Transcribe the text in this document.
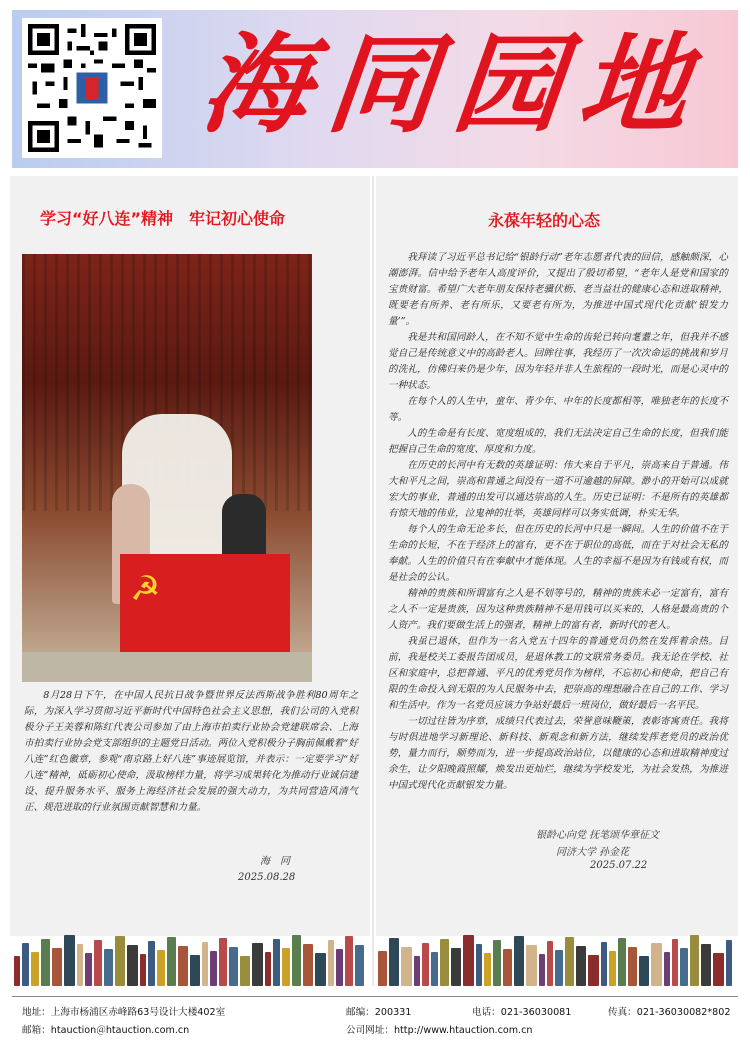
海同园地
学习“好八连”精神　牢记初心使命
☭

8月28日下午，在中国人民抗日战争暨世界反法西斯战争胜利80周年之际，为深入学习贯彻习近平新时代中国特色社会主义思想，我们公司的入党积极分子王美蓉和陈红代表公司参加了由上海市拍卖行业协会党建联席会、上海市拍卖行业协会党支部组织的主题党日活动。两位入党积极分子胸前佩戴着“好八连”红色徽章，参观“南京路上好八连”事迹展览馆，并表示：一定要学习“好八连”精神，砥砺初心使命，汲取榜样力量，将学习成果转化为推动行业诚信建设、提升服务水平、服务上海经济社会发展的强大动力，为共同营造风清气正、规范进取的行业氛围贡献智慧和力量。

海　同
2025.08.28
永葆年轻的心态

我拜读了习近平总书记给“银龄行动”老年志愿者代表的回信，感触颇深，心潮澎湃。信中给予老年人高度评价，又提出了殷切希望，“老年人是党和国家的宝贵财富。希望广大老年朋友保持老骥伏枥、老当益壮的健康心态和进取精神，既要老有所养、老有所乐，又要老有所为，为推进中国式现代化贡献‘银发力量’”。

我是共和国同龄人，在不知不觉中生命的齿轮已转向耄耋之年，但我并不感觉自己是传统意义中的高龄老人。回眸往事，我经历了一次次命运的挑战和岁月的洗礼，仿佛归来仍是少年，因为年轻并非人生旅程的一段时光，而是心灵中的一种状态。

在每个人的人生中，童年、青少年、中年的长度都相等，唯独老年的长度不等。

人的生命是有长度、宽度组成的，我们无法决定自己生命的长度，但我们能把握自己生命的宽度、厚度和力度。

在历史的长河中有无数的英雄证明：伟大来自于平凡，崇高来自于普通。伟大和平凡之间，崇高和普通之间没有一道不可逾越的屏障。渺小的开始可以成就宏大的事业，普通的出发可以通达崇高的人生。历史已证明：不是所有的英雄都有惊天地的伟业，泣鬼神的壮举，英雄同样可以务实低调，朴实无华。

每个人的生命无论多长，但在历史的长河中只是一瞬间。人生的价值不在于生命的长短，不在于经济上的富有，更不在于职位的高低，而在于对社会无私的奉献。人生的价值只有在奉献中才能体现。人生的幸福不是因为有钱或有权，而是社会的公认。

精神的贵族和所谓富有之人是不划等号的，精神的贵族未必一定富有，富有之人不一定是贵族，因为这种贵族精神不是用钱可以买来的，人格是最高贵的个人资产。我们要做生活上的强者，精神上的富有者，新时代的老人。

我虽已退休，但作为一名入党五十四年的普通党员仍然在发挥着余热。目前，我是校关工委报告团成员，是退休教工的文联常务委员。我无论在学校、社区和家庭中，总把普通、平凡的优秀党员作为榜样，不忘初心和使命，把自己有限的生命投入到无限的为人民服务中去，把崇高的理想融合在自己的工作、学习和生活中。作为一名党员应该力争站好最后一班岗位，做好最后一名平民。

一切过往皆为序章，成绩只代表过去，荣誉意味鞭策，表彰寄寓责任。我将与时俱进地学习新理论、新科技、新观念和新方法，继续发挥老党员的政治优势，量力而行，顺势而为，进一步提高政治站位，以健康的心态和进取精神度过余生，让夕阳晚霞照耀，焕发出更灿烂，继续为学校发光，为社会发热，为推进中国式现代化贡献银发力量。

银龄心向党 抚笔颂华章征文
同济大学 孙金花
2025.07.22
地址：上海市杨浦区赤峰路63号设计大楼402室	邮编：200331	电话：021-36030081	传真：021-36030082*802
邮箱：htauction＠htauction.com.cn	公司网址：http://www.htauction.com.cn
